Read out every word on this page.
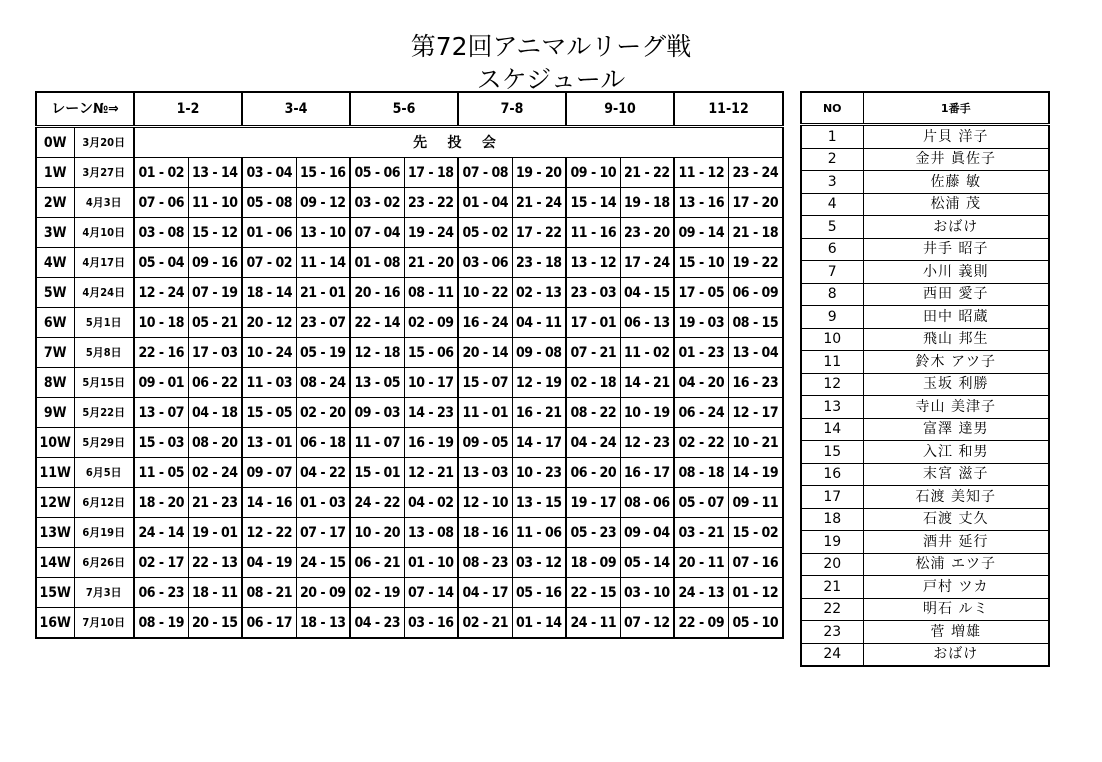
第72回アニマルリーグ戦
スケジュール
レーン№⇒		1-2		3-4		5-6		7-8		9-10		11-12	
0W	3月20日	先 投 会											
1W	3月27日	01 - 02	13 - 14	03 - 04	15 - 16	05 - 06	17 - 18	07 - 08	19 - 20	09 - 10	21 - 22	11 - 12	23 - 24
2W	4月3日	07 - 06	11 - 10	05 - 08	09 - 12	03 - 02	23 - 22	01 - 04	21 - 24	15 - 14	19 - 18	13 - 16	17 - 20
3W	4月10日	03 - 08	15 - 12	01 - 06	13 - 10	07 - 04	19 - 24	05 - 02	17 - 22	11 - 16	23 - 20	09 - 14	21 - 18
4W	4月17日	05 - 04	09 - 16	07 - 02	11 - 14	01 - 08	21 - 20	03 - 06	23 - 18	13 - 12	17 - 24	15 - 10	19 - 22
5W	4月24日	12 - 24	07 - 19	18 - 14	21 - 01	20 - 16	08 - 11	10 - 22	02 - 13	23 - 03	04 - 15	17 - 05	06 - 09
6W	5月1日	10 - 18	05 - 21	20 - 12	23 - 07	22 - 14	02 - 09	16 - 24	04 - 11	17 - 01	06 - 13	19 - 03	08 - 15
7W	5月8日	22 - 16	17 - 03	10 - 24	05 - 19	12 - 18	15 - 06	20 - 14	09 - 08	07 - 21	11 - 02	01 - 23	13 - 04
8W	5月15日	09 - 01	06 - 22	11 - 03	08 - 24	13 - 05	10 - 17	15 - 07	12 - 19	02 - 18	14 - 21	04 - 20	16 - 23
9W	5月22日	13 - 07	04 - 18	15 - 05	02 - 20	09 - 03	14 - 23	11 - 01	16 - 21	08 - 22	10 - 19	06 - 24	12 - 17
10W	5月29日	15 - 03	08 - 20	13 - 01	06 - 18	11 - 07	16 - 19	09 - 05	14 - 17	04 - 24	12 - 23	02 - 22	10 - 21
11W	6月5日	11 - 05	02 - 24	09 - 07	04 - 22	15 - 01	12 - 21	13 - 03	10 - 23	06 - 20	16 - 17	08 - 18	14 - 19
12W	6月12日	18 - 20	21 - 23	14 - 16	01 - 03	24 - 22	04 - 02	12 - 10	13 - 15	19 - 17	08 - 06	05 - 07	09 - 11
13W	6月19日	24 - 14	19 - 01	12 - 22	07 - 17	10 - 20	13 - 08	18 - 16	11 - 06	05 - 23	09 - 04	03 - 21	15 - 02
14W	6月26日	02 - 17	22 - 13	04 - 19	24 - 15	06 - 21	01 - 10	08 - 23	03 - 12	18 - 09	05 - 14	20 - 11	07 - 16
15W	7月3日	06 - 23	18 - 11	08 - 21	20 - 09	02 - 19	07 - 14	04 - 17	05 - 16	22 - 15	03 - 10	24 - 13	01 - 12
16W	7月10日	08 - 19	20 - 15	06 - 17	18 - 13	04 - 23	03 - 16	02 - 21	01 - 14	24 - 11	07 - 12	22 - 09	05 - 10
NO	1番手
1	片貝 洋子
2	金井 眞佐子
3	佐藤 敏
4	松浦 茂
5	おばけ
6	井手 昭子
7	小川 義則
8	西田 愛子
9	田中 昭蔵
10	飛山 邦生
11	鈴木 アツ子
12	玉坂 利勝
13	寺山 美津子
14	富澤 達男
15	入江 和男
16	末宮 滋子
17	石渡 美知子
18	石渡 丈久
19	酒井 延行
20	松浦 エツ子
21	戸村 ツカ
22	明石 ルミ
23	菅 増雄
24	おばけ
